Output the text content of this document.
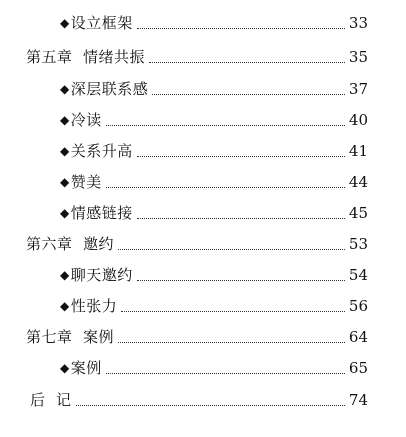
◆设立框架	33
第五章  情绪共振	35
◆深层联系感	37
◆冷读	40
◆关系升高	41
◆赞美	44
◆情感链接	45
第六章  邀约	53
◆聊天邀约	54
◆性张力	56
第七章  案例	64
◆案例	65
后  记	74
